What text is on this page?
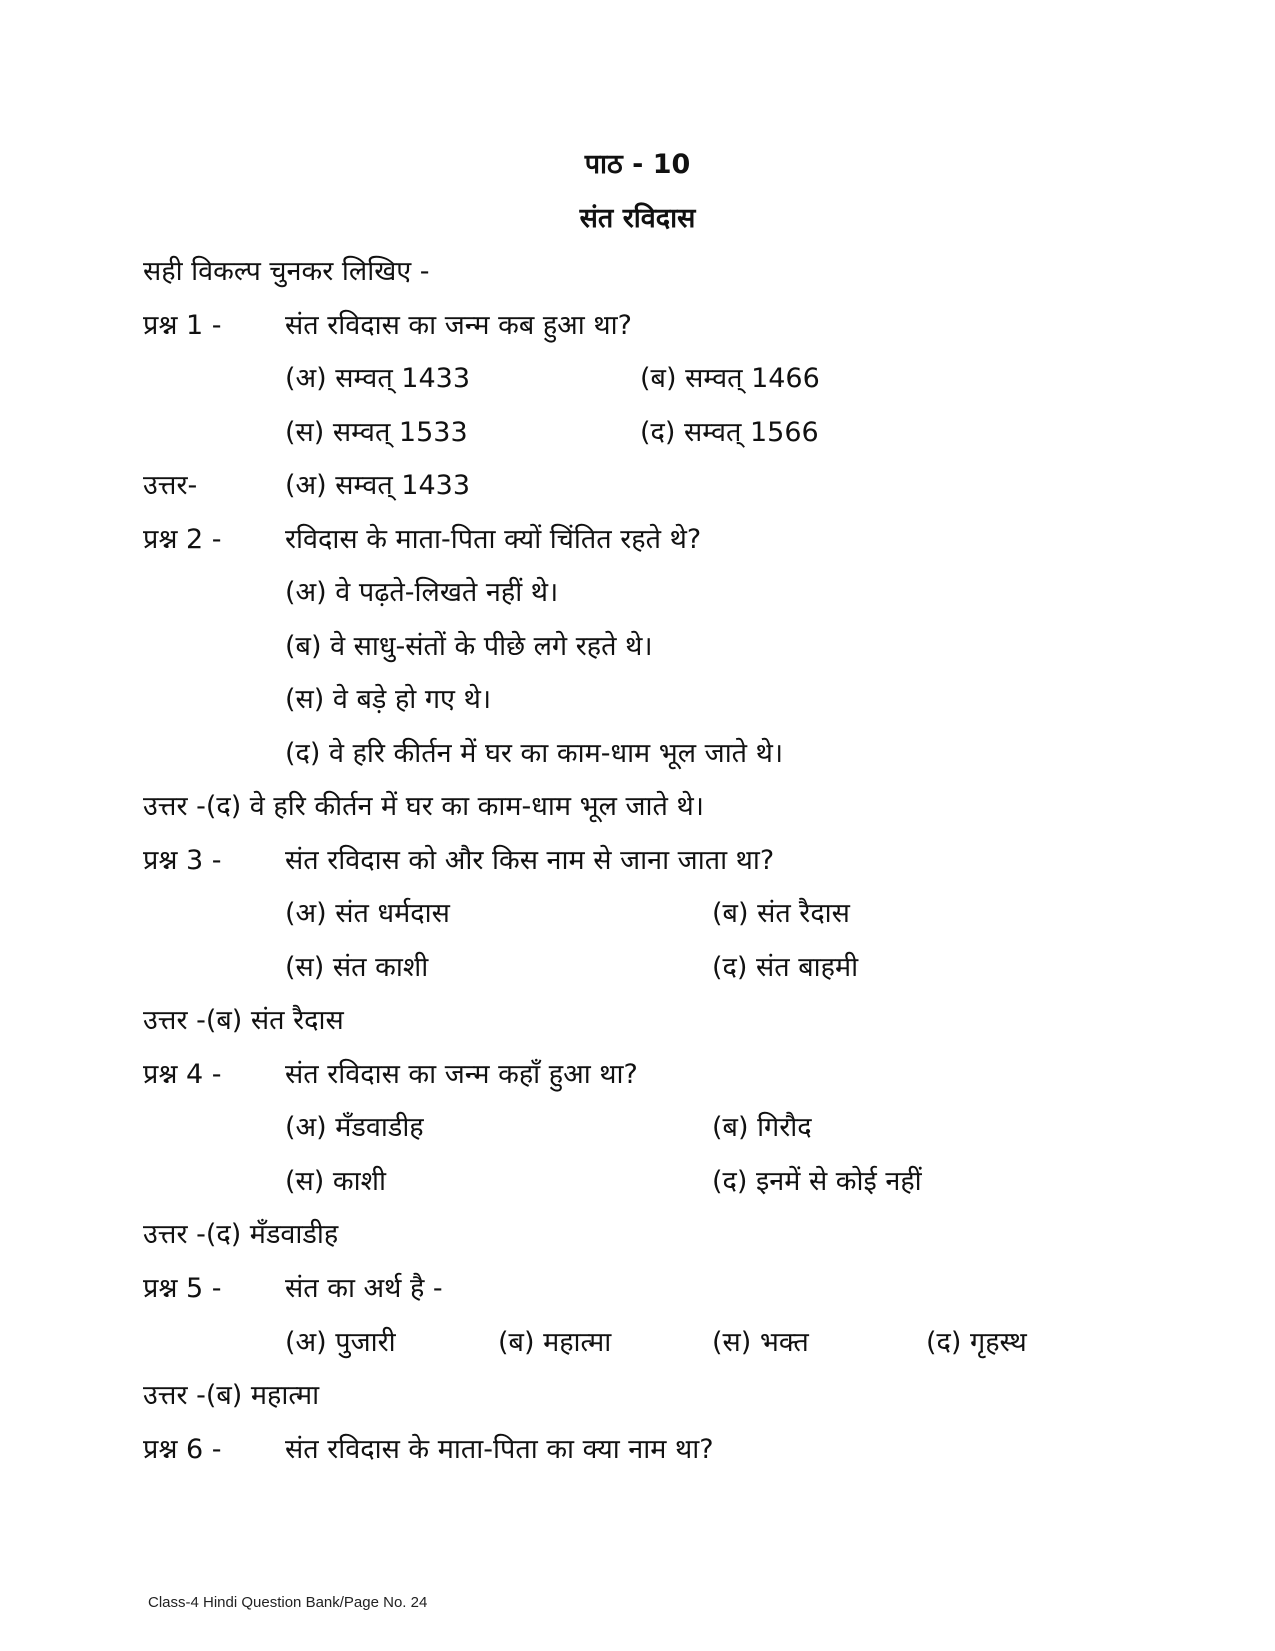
पाठ - 10
संत रविदास
सही विकल्प चुनकर लिखिए -
प्रश्न 1 - संत रविदास का जन्म कब हुआ था?
(अ) सम्वत् 1433	(ब) सम्वत् 1466
(स) सम्वत् 1533	(द) सम्वत् 1566
उत्तर-	(अ) सम्वत् 1433
प्रश्न 2 - रविदास के माता-पिता क्यों चिंतित रहते थे?
(अ) वे पढ़ते-लिखते नहीं थे।
(ब) वे साधु-संतों के पीछे लगे रहते थे।
(स) वे बड़े हो गए थे।
(द) वे हरि कीर्तन में घर का काम-धाम भूल जाते थे।
उत्तर -(द) वे हरि कीर्तन में घर का काम-धाम भूल जाते थे।
प्रश्न 3 - संत रविदास को और किस नाम से जाना जाता था?
(अ) संत धर्मदास	(ब) संत रैदास
(स) संत काशी	(द) संत बाहमी
उत्तर -(ब) संत रैदास
प्रश्न 4 - संत रविदास का जन्म कहाँ हुआ था?
(अ) मँडवाडीह	(ब) गिरौद
(स) काशी	(द) इनमें से कोई नहीं
उत्तर -(द) मँडवाडीह
प्रश्न 5 - संत का अर्थ है -
(अ) पुजारी	(ब) महात्मा	(स) भक्त	(द) गृहस्थ
उत्तर -(ब) महात्मा
प्रश्न 6 - संत रविदास के माता-पिता का क्या नाम था?
Class-4 Hindi Question Bank/Page No. 24
